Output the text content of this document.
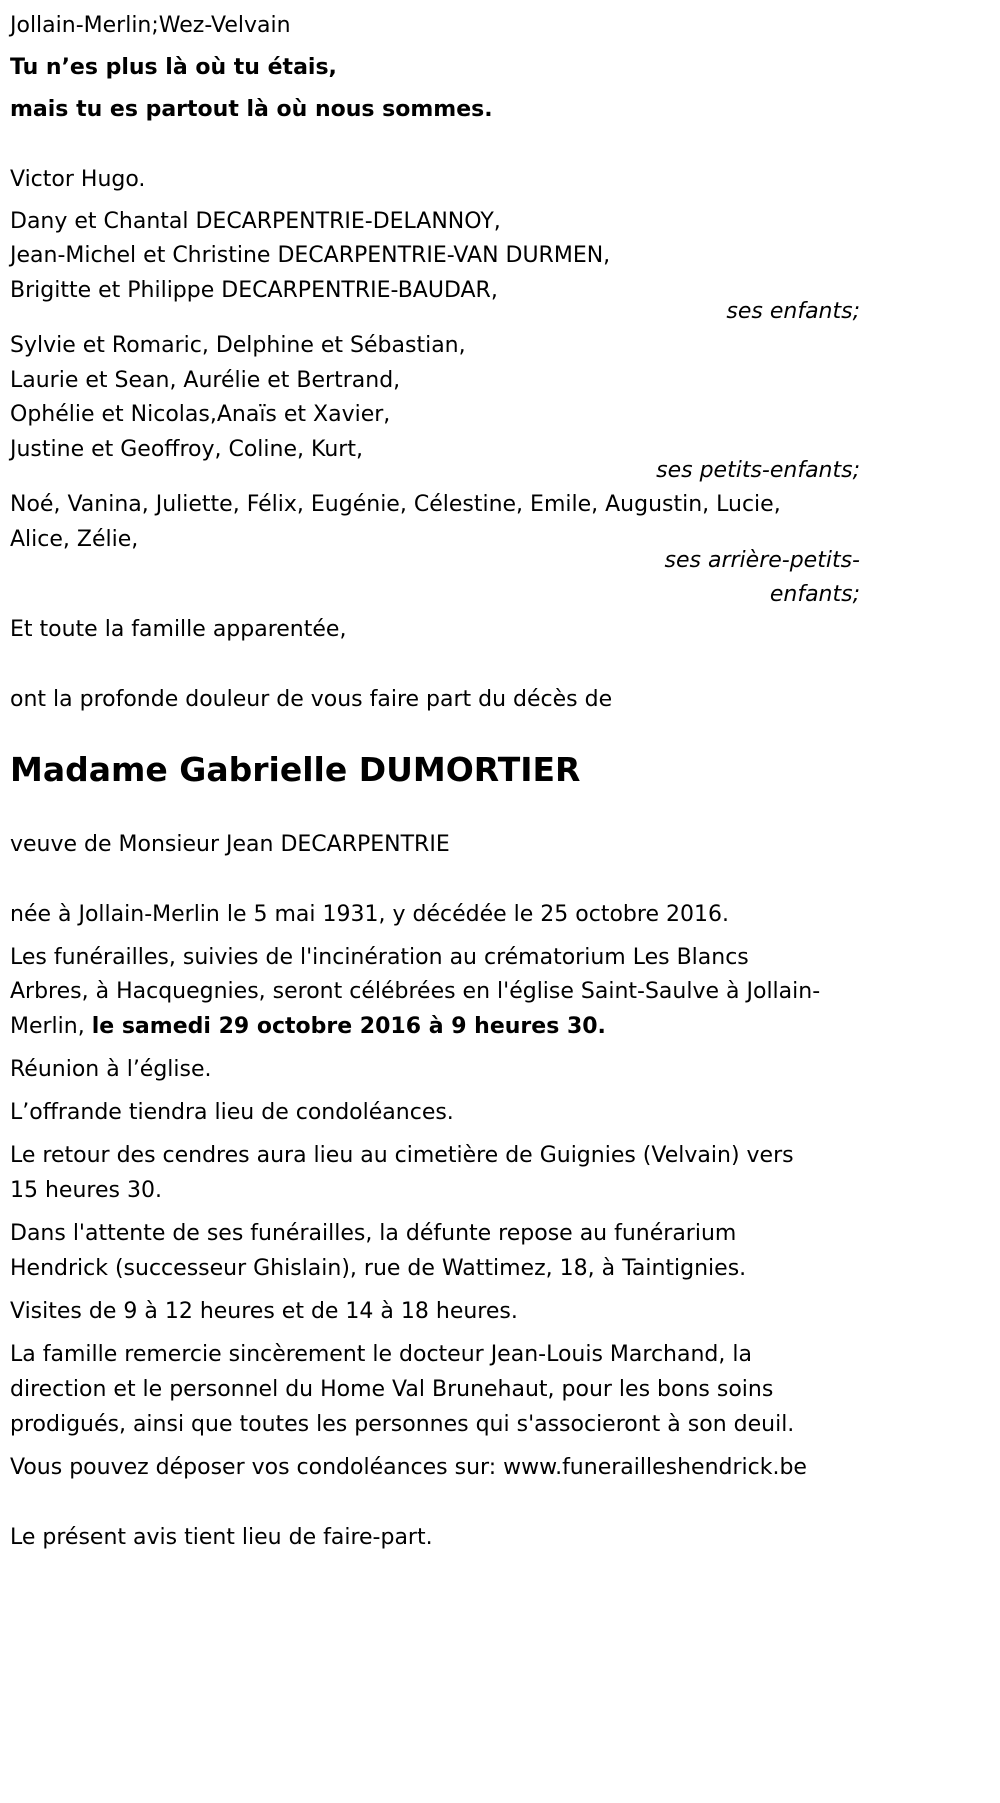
Jollain-Merlin;Wez-Velvain
Tu n’es plus là où tu étais,
mais tu es partout là où nous sommes.
Victor Hugo.
Dany et Chantal DECARPENTRIE-DELANNOY,
Jean-Michel et Christine DECARPENTRIE-VAN DURMEN,
Brigitte et Philippe DECARPENTRIE-BAUDAR,
ses enfants;
Sylvie et Romaric, Delphine et Sébastian,
Laurie et Sean, Aurélie et Bertrand,
Ophélie et Nicolas,Anaïs et Xavier,
Justine et Geoffroy, Coline, Kurt,
ses petits-enfants;
Noé, Vanina, Juliette, Félix, Eugénie, Célestine, Emile, Augustin, Lucie,
Alice, Zélie,
ses arrière-petits-
enfants;
Et toute la famille apparentée,
ont la profonde douleur de vous faire part du décès de
Madame Gabrielle DUMORTIER
veuve de Monsieur Jean DECARPENTRIE
née à Jollain-Merlin le 5 mai 1931, y décédée le 25 octobre 2016.
Les funérailles, suivies de l'incinération au crématorium Les Blancs
Arbres, à Hacquegnies, seront célébrées en l'église Saint-Saulve à Jollain-
Merlin, le samedi 29 octobre 2016 à 9 heures 30.
Réunion à l’église.
L’offrande tiendra lieu de condoléances.
Le retour des cendres aura lieu au cimetière de Guignies (Velvain) vers
15 heures 30.
Dans l'attente de ses funérailles, la défunte repose au funérarium
Hendrick (successeur Ghislain), rue de Wattimez, 18, à Taintignies.
Visites de 9 à 12 heures et de 14 à 18 heures.
La famille remercie sincèrement le docteur Jean-Louis Marchand, la
direction et le personnel du Home Val Brunehaut, pour les bons soins
prodigués, ainsi que toutes les personnes qui s'associeront à son deuil.
Vous pouvez déposer vos condoléances sur: www.funerailleshendrick.be
Le présent avis tient lieu de faire-part.
